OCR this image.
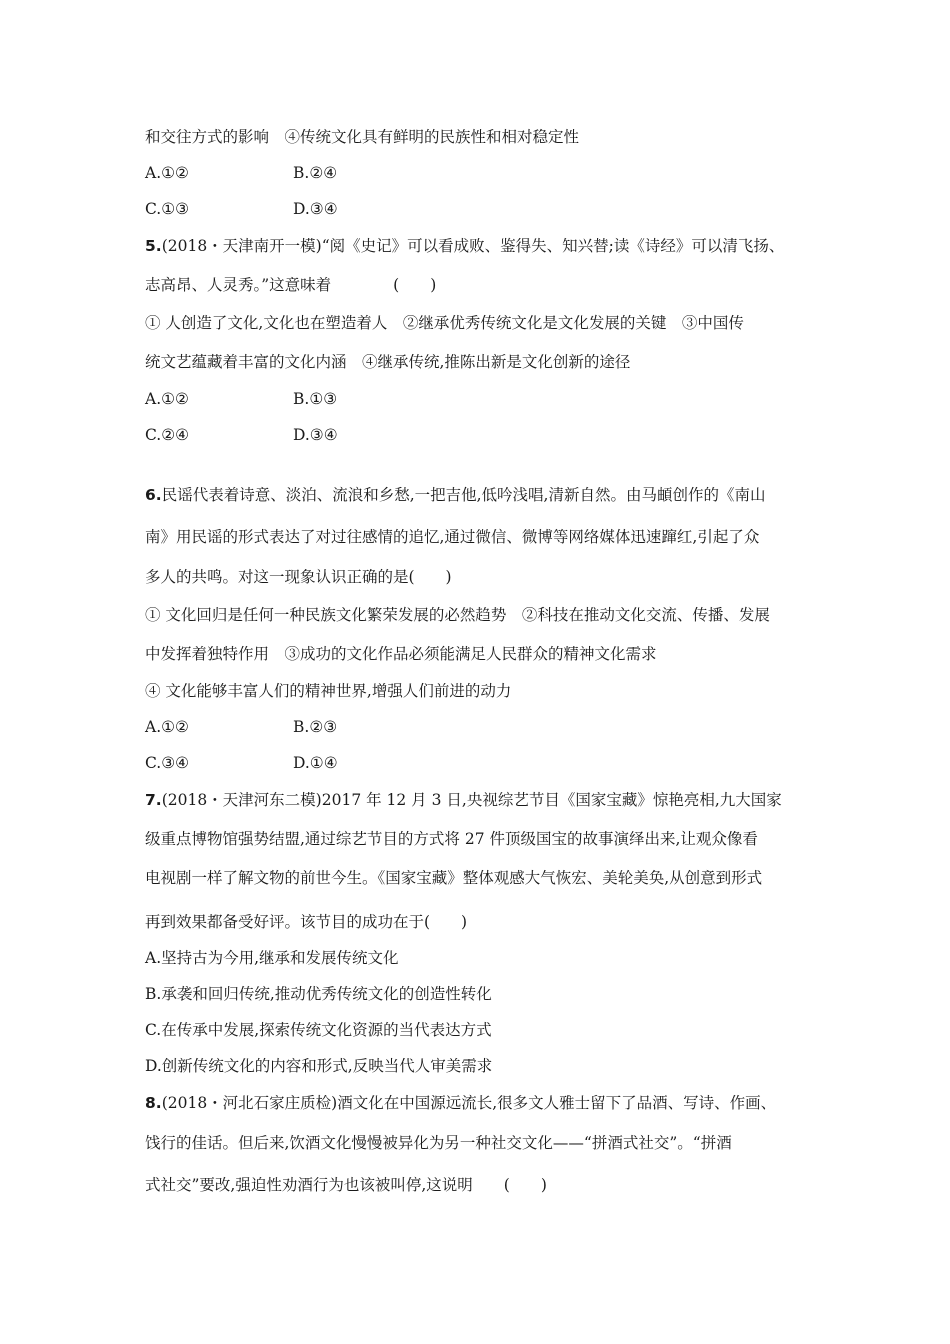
和交往方式的影响　④传统文化具有鲜明的民族性和相对稳定性
A.①②	B.②④
C.①③	D.③④
5.(2018・天津南开一模)“阅《史记》可以看成败、鉴得失、知兴替;读《诗经》可以清飞扬、
志高昂、人灵秀。”这意味着　　　　(　　)
① 人创造了文化,文化也在塑造着人　②继承优秀传统文化是文化发展的关键　③中国传
统文艺蕴藏着丰富的文化内涵　④继承传统,推陈出新是文化创新的途径
A.①②	B.①③
C.②④	D.③④
6.民谣代表着诗意、淡泊、流浪和乡愁,一把吉他,低吟浅唱,清新自然。由马頔创作的《南山
南》用民谣的形式表达了对过往感情的追忆,通过微信、微博等网络媒体迅速蹿红,引起了众
多人的共鸣。对这一现象认识正确的是(　　)
① 文化回归是任何一种民族文化繁荣发展的必然趋势　②科技在推动文化交流、传播、发展
中发挥着独特作用　③成功的文化作品必须能满足人民群众的精神文化需求
④ 文化能够丰富人们的精神世界,增强人们前进的动力
A.①②	B.②③
C.③④	D.①④
7.(2018・天津河东二模)2017 年 12 月 3 日,央视综艺节目《国家宝藏》惊艳亮相,九大国家
级重点博物馆强势结盟,通过综艺节目的方式将 27 件顶级国宝的故事演绎出来,让观众像看
电视剧一样了解文物的前世今生。《国家宝藏》整体观感大气恢宏、美轮美奂,从创意到形式
再到效果都备受好评。该节目的成功在于(　　)
A.坚持古为今用,继承和发展传统文化
B.承袭和回归传统,推动优秀传统文化的创造性转化
C.在传承中发展,探索传统文化资源的当代表达方式
D.创新传统文化的内容和形式,反映当代人审美需求
8.(2018・河北石家庄质检)酒文化在中国源远流长,很多文人雅士留下了品酒、写诗、作画、
饯行的佳话。但后来,饮酒文化慢慢被异化为另一种社交文化——“拼酒式社交”。“拼酒
式社交”要改,强迫性劝酒行为也该被叫停,这说明　　(　　)
